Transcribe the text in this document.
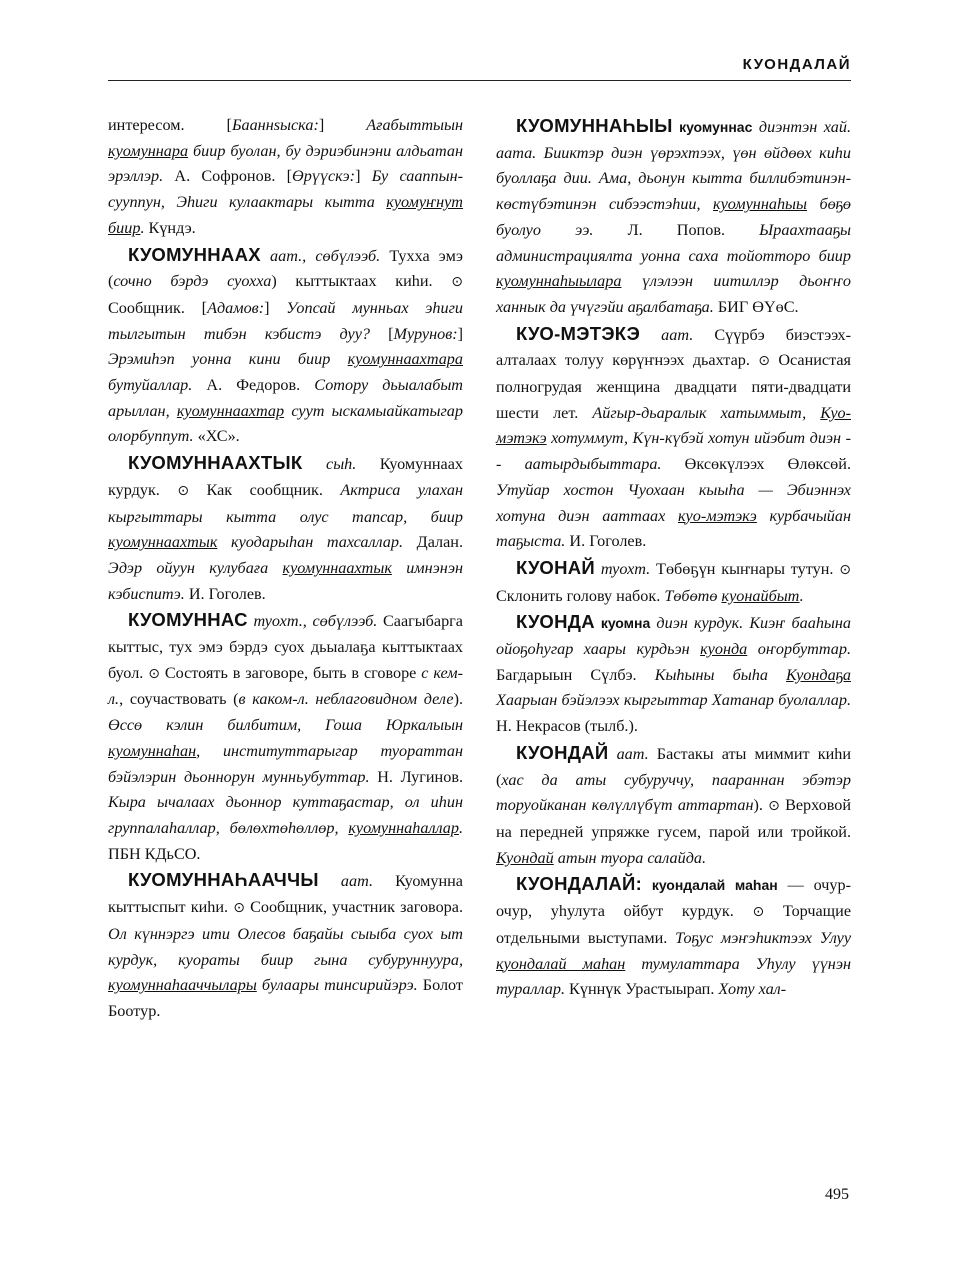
КУОНДАЛАЙ

интересом. [Бааннsыска:] Ағабыттыын куомуннара биир буолан, бу дэриэбинэни алдьатан эрэллэр. А. Софронов. [Өрүүскэ:] Бу сааппын-сууппун, Эһиги кулаактары кытта куомуҥнут биир. Күндэ.

КУОМУННААХ аат., сөбүлээб. Тухха эмэ (сочно бэрдэ суохха) кыттыктаах киһи. ⊙ Сообщник. [Адамов:] Уопсай мунньах эһиги тылгытын тибэн кэбистэ дуу? [Мурунов:] Эрэмиһэп уонна кини биир куомуннаахтара бутуйаллар. А. Федоров. Сотору дьыалабыт арыллан, куомуннаахтар суут ыскамыайкатыгар олорбуппут. «ХС».

КУОМУННААХТЫК сыһ. Куомуннаах курдук. ⊙ Как сообщник. Актриса улахан кыргыттары кытта олус тапсар, биир куомуннаахтык куодарыһан тахсаллар. Далан. Эдэр ойуун кулубаға куомуннаахтык имнэнэн кэбиспитэ. И. Гоголев.

КУОМУННАС туохт., сөбүлээб. Саагыбарга кыттыс, тух эмэ бэрдэ суох дьыалаҕа кыттыктаах буол. ⊙ Состоять в заговоре, быть в сговоре с кем-л., соучаствовать (в каком-л. неблаговидном деле). Өссө кэлин билбитим, Гоша Юркалыын куомуннаһан, институттарыгар туораттан бэйэлэрин дьоннорун мунньубуттар. Н. Лугинов. Кыра ычалаах дьоннор куттаҕастар, ол иһин группалаһаллар, бөлөхтөһөллөр, куомуннаһаллар. ПБН КДьСО.

КУОМУННАҺААЧЧЫ аат. Куомунна кыттыспыт киһи. ⊙ Сообщник, участник заговора. Ол күннэргэ ити Олесов баҕайы сыыба суох ыт курдук, куораты биир гына субуруннуура, куомуннаһааччылары булаары тинсирийэрэ. Болот Боотур.

КУОМУННАҺЫЫ куомуннас диэнтэн хай. аата. Бииктэр диэн үөрэхтээх, үөн өйдөөх киһи буоллаҕа дии. Ама, дьонун кытта биллибэтинэн-көстүбэтинэн сибээстэһии, куомуннаһыы бөҕө буолуо ээ. Л. Попов. Ыраахтааҕы администрациялта уонна саха тойотторо биир куомуннаһыылара үлэлээн иитиллэр дьоҥҥо ханнык да үчүгэйи аҕалбатаҕа. БИГ ӨҮөС.

КУО-МЭТЭКЭ аат. Сүүрбэ биэстээх-алталаах толуу көрүҥнээх дьахтар. ⊙ Осанистая полногрудая женщина двадцати пяти-двадцати шести лет. Айгыр-дьаралык хатыммыт, Куо-мэтэкэ хотуммут, Күн-күбэй хотун ийэбит диэн -- аатырдыбыттара. Өксөкүлээх Өлөксөй. Утуйар хостон Чуохаан кыыһа — Эбиэннэх хотуна диэн ааттаах куо-мэтэкэ курбачыйан таҕыста. И. Гоголев.

КУОНАЙ туохт. Төбөҕүн кыҥнары тутун. ⊙ Склонить голову набок. Төбөтө куонайбыт.

КУОНДА куомна диэн курдук. Киэҥ бааһына ойоҕоһугар хаары курдьэн куонда оҥорбуттар. Багдарыын Сүлбэ. Кыһыны быһа Куондаҕа Хаарыан бэйэлээх кыргыттар Хатанар буолаллар. Н. Некрасов (тылб.).

КУОНДАЙ аат. Бастакы аты миммит киһи (хас да аты субуруччу, паараннан эбэтэр торуойканан көлүллүбүт аттартан). ⊙ Верховой на передней упряжке гусем, парой или тройкой. Куондай атын туора салайда.

КУОНДАЛАЙ: куондалай маһан — очур-очур, уһулута ойбут курдук. ⊙ Торчащие отдельными выступами. Тоҕус мэҥэһиктээх Улуу куондалай маһан тумулаттара Уһулу үүнэн тураллар. Күннүк Урастыырап. Хоту хал-

495
